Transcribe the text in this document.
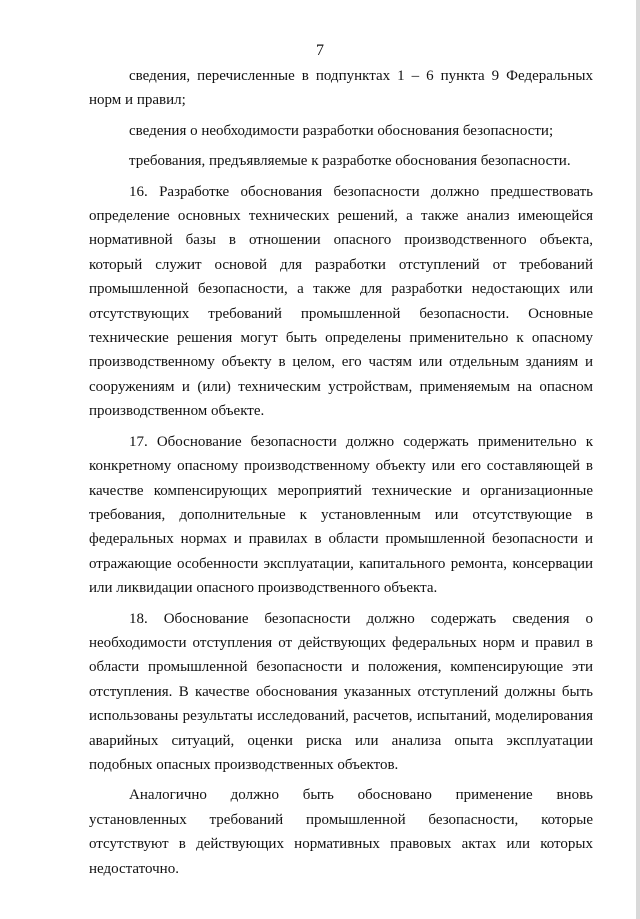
7

сведения, перечисленные в подпунктах 1 – 6 пункта 9 Федеральных норм и правил;

сведения о необходимости разработки обоснования безопасности;

требования, предъявляемые к разработке обоснования безопасности.

16. Разработке обоснования безопасности должно предшествовать определение основных технических решений, а также анализ имеющейся нормативной базы в отношении опасного производственного объекта, который служит основой для разработки отступлений от требований промышленной безопасности, а также для разработки недостающих или отсутствующих требований промышленной безопасности. Основные технические решения могут быть определены применительно к опасному производственному объекту в целом, его частям или отдельным зданиям и сооружениям и (или) техническим устройствам, применяемым на опасном производственном объекте.

17. Обоснование безопасности должно содержать применительно к конкретному опасному производственному объекту или его составляющей в качестве компенсирующих мероприятий технические и организационные требования, дополнительные к установленным или отсутствующие в федеральных нормах и правилах в области промышленной безопасности и отражающие особенности эксплуатации, капитального ремонта, консервации или ликвидации опасного производственного объекта.

18. Обоснование безопасности должно содержать сведения о необходимости отступления от действующих федеральных норм и правил в области промышленной безопасности и положения, компенсирующие эти отступления. В качестве обоснования указанных отступлений должны быть использованы результаты исследований, расчетов, испытаний, моделирования аварийных ситуаций, оценки риска или анализа опыта эксплуатации подобных опасных производственных объектов.

Аналогично должно быть обосновано применение вновь установленных требований промышленной безопасности, которые отсутствуют в действующих нормативных правовых актах или которых недостаточно.
